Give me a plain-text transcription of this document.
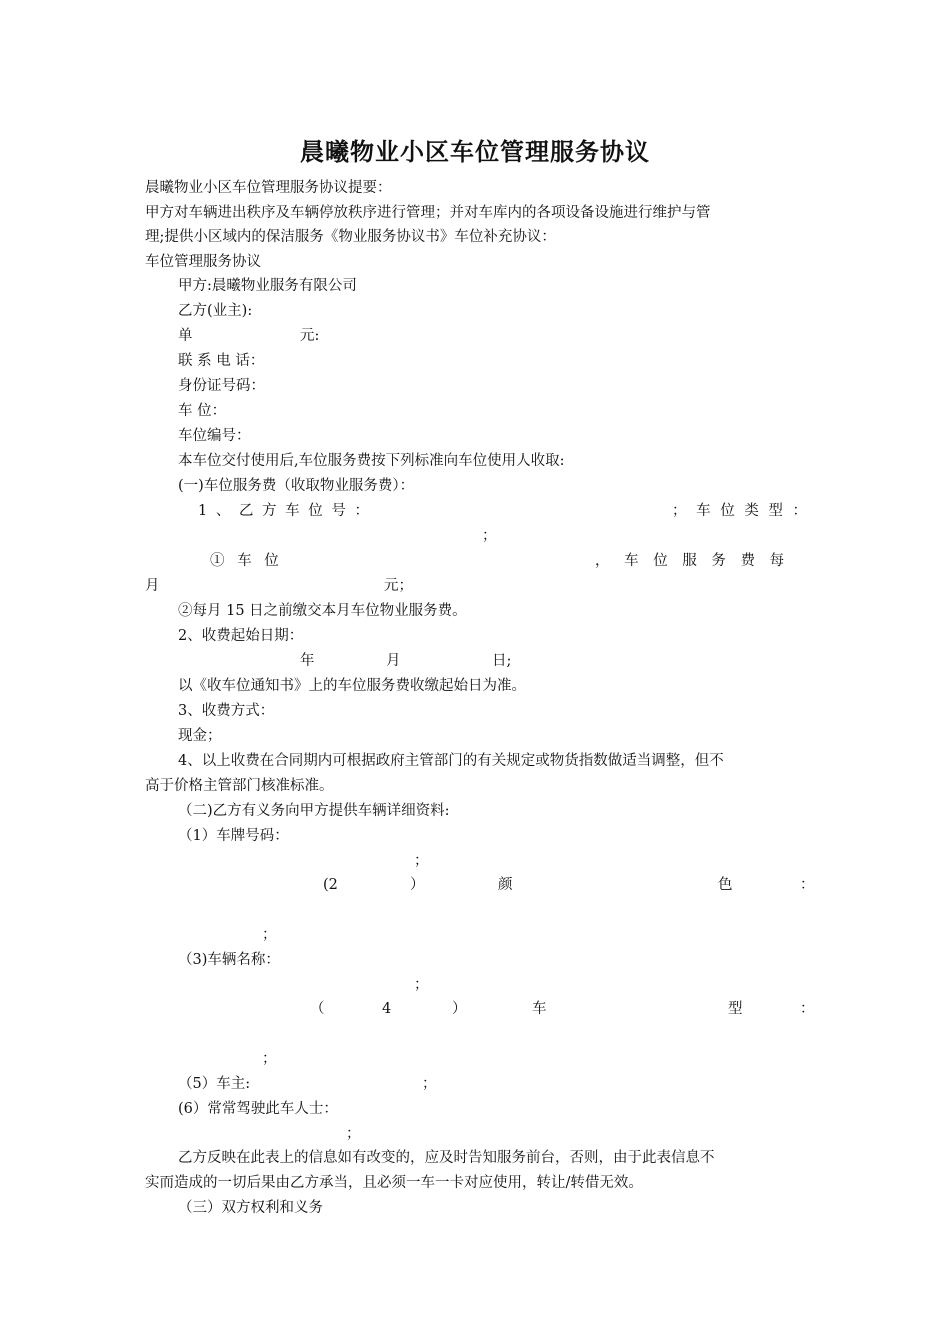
晨曦物业小区车位管理服务协议
晨曦物业小区车位管理服务协议提要：
甲方对车辆进出秩序及车辆停放秩序进行管理；并对车库内的各项设备设施进行维护与管
理;提供小区域内的保洁服务《物业服务协议书》车位补充协议：
车位管理服务协议
甲方:晨曦物业服务有限公司
乙方(业主):
单	元:
联 系 电 话：
身份证号码：
车 位：
车位编号：
本车位交付使用后,车位服务费按下列标准向车位使用人收取:
(一)车位服务费（收取物业服务费）：
1 、 乙 方 车 位 号 ：	； 车 位 类 型 ：
；
① 车 位	， 车 位 服 务 费 每
月	元；
②每月 15 日之前缴交本月车位物业服务费。
2、收费起始日期：
年	月	日;
以《收车位通知书》上的车位服务费收缴起始日为准。
3、收费方式：
现金；
4、以上收费在合同期内可根据政府主管部门的有关规定或物货指数做适当调整，但不
高于价格主管部门核准标准。
（二)乙方有义务向甲方提供车辆详细资料:
（1）车牌号码：
；
(2	）	颜	色	：
；
（3)车辆名称：
；
（	4	）	车	型	：
；
（5）车主:	；
(6）常常驾驶此车人士：
；
乙方反映在此表上的信息如有改变的，应及时告知服务前台，否则，由于此表信息不
实而造成的一切后果由乙方承当，且必须一车一卡对应使用，转让/转借无效。
（三）双方权利和义务
